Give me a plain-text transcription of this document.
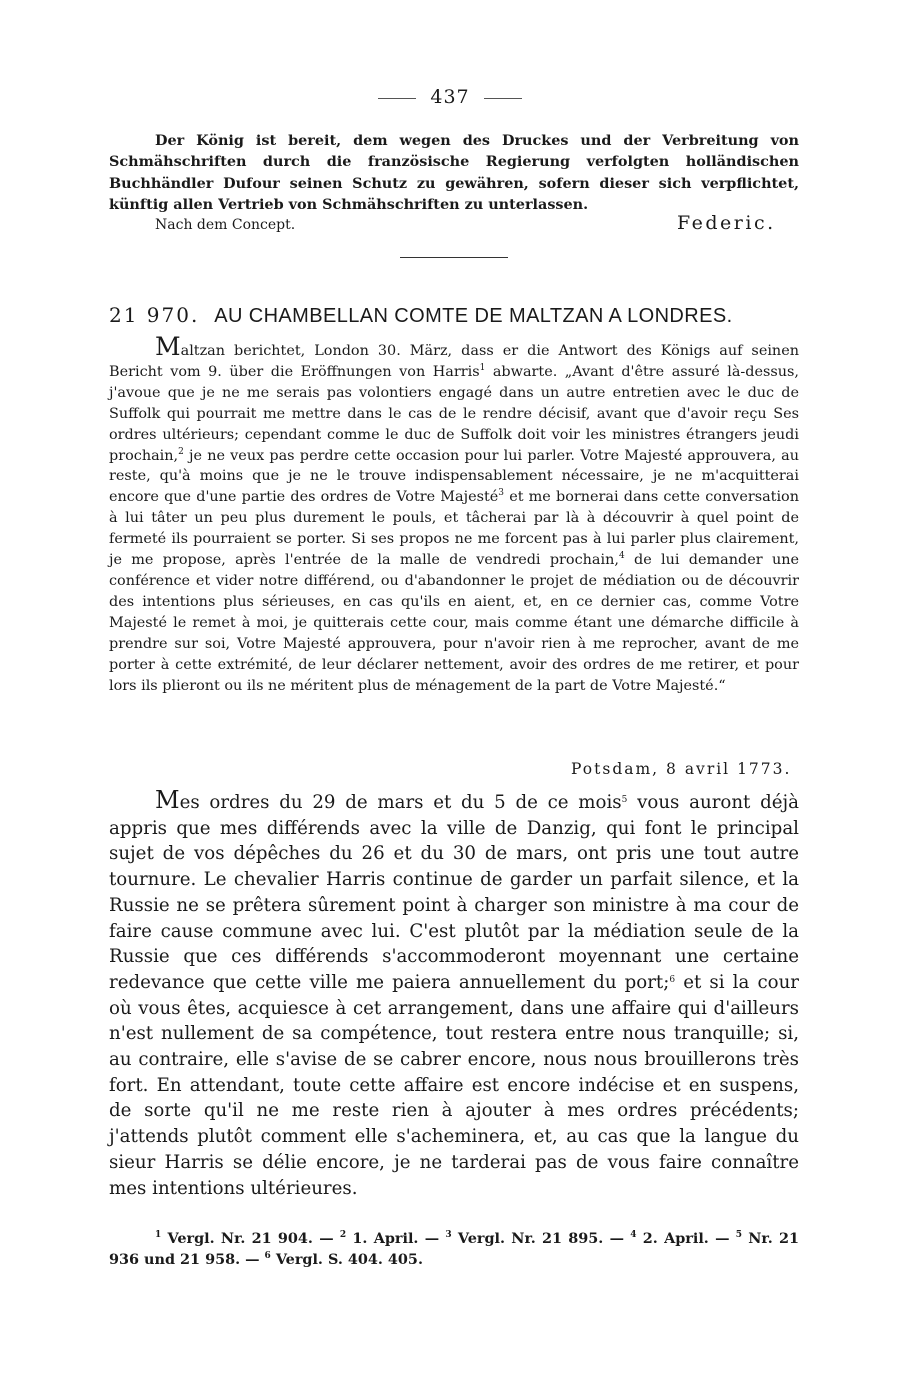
437

Der König ist bereit, dem wegen des Druckes und der Verbreitung von Schmähschriften durch die französische Regierung verfolgten holländischen Buchhändler Dufour seinen Schutz zu gewähren, sofern dieser sich verpflichtet, künftig allen Vertrieb von Schmähschriften zu unterlassen.

Nach dem Concept.	Federic.
21 970. AU CHAMBELLAN COMTE DE MALTZAN A LONDRES.

Maltzan berichtet, London 30. März, dass er die Antwort des Königs auf seinen Bericht vom 9. über die Eröffnungen von Harris$^1$ abwarte. „Avant d'être assuré là-dessus, j'avoue que je ne me serais pas volontiers engagé dans un autre entretien avec le duc de Suffolk qui pourrait me mettre dans le cas de le rendre décisif, avant que d'avoir reçu Ses ordres ultérieurs; cependant comme le duc de Suffolk doit voir les ministres étrangers jeudi prochain,$^2$ je ne veux pas perdre cette occasion pour lui parler. Votre Majesté approuvera, au reste, qu'à moins que je ne le trouve indispensablement nécessaire, je ne m'acquitterai encore que d'une partie des ordres de Votre Majesté$^3$ et me bornerai dans cette conversation à lui tâter un peu plus durement le pouls, et tâcherai par là à découvrir à quel point de fermeté ils pourraient se porter. Si ses propos ne me forcent pas à lui parler plus clairement, je me propose, après l'entrée de la malle de vendredi prochain,$^4$ de lui demander une conférence et vider notre différend, ou d'abandonner le projet de médiation ou de découvrir des intentions plus sérieuses, en cas qu'ils en aient, et, en ce dernier cas, comme Votre Majesté le remet à moi, je quitterais cette cour, mais comme étant une démarche difficile à prendre sur soi, Votre Majesté approuvera, pour n'avoir rien à me reprocher, avant de me porter à cette extrémité, de leur déclarer nettement, avoir des ordres de me retirer, et pour lors ils plieront ou ils ne méritent plus de ménagement de la part de Votre Majesté.“

Potsdam, 8 avril 1773.

Mes ordres du 29 de mars et du 5 de ce mois$^5$ vous auront déjà appris que mes différends avec la ville de Danzig, qui font le principal sujet de vos dépêches du 26 et du 30 de mars, ont pris une tout autre tournure. Le chevalier Harris continue de garder un parfait silence, et la Russie ne se prêtera sûrement point à charger son ministre à ma cour de faire cause commune avec lui. C'est plutôt par la médiation seule de la Russie que ces différends s'accommoderont moyennant une certaine redevance que cette ville me paiera annuellement du port;$^6$ et si la cour où vous êtes, acquiesce à cet arrangement, dans une affaire qui d'ailleurs n'est nullement de sa compétence, tout restera entre nous tranquille; si, au contraire, elle s'avise de se cabrer encore, nous nous brouillerons très fort. En attendant, toute cette affaire est encore indécise et en suspens, de sorte qu'il ne me reste rien à ajouter à mes ordres précédents; j'attends plutôt comment elle s'acheminera, et, au cas que la langue du sieur Harris se délie encore, je ne tarderai pas de vous faire connaître mes intentions ultérieures.

$^1$ Vergl. Nr. 21 904. — $^2$ 1. April. — $^3$ Vergl. Nr. 21 895. — $^4$ 2. April. — $^5$ Nr. 21 936 und 21 958. — $^6$ Vergl. S. 404. 405.
